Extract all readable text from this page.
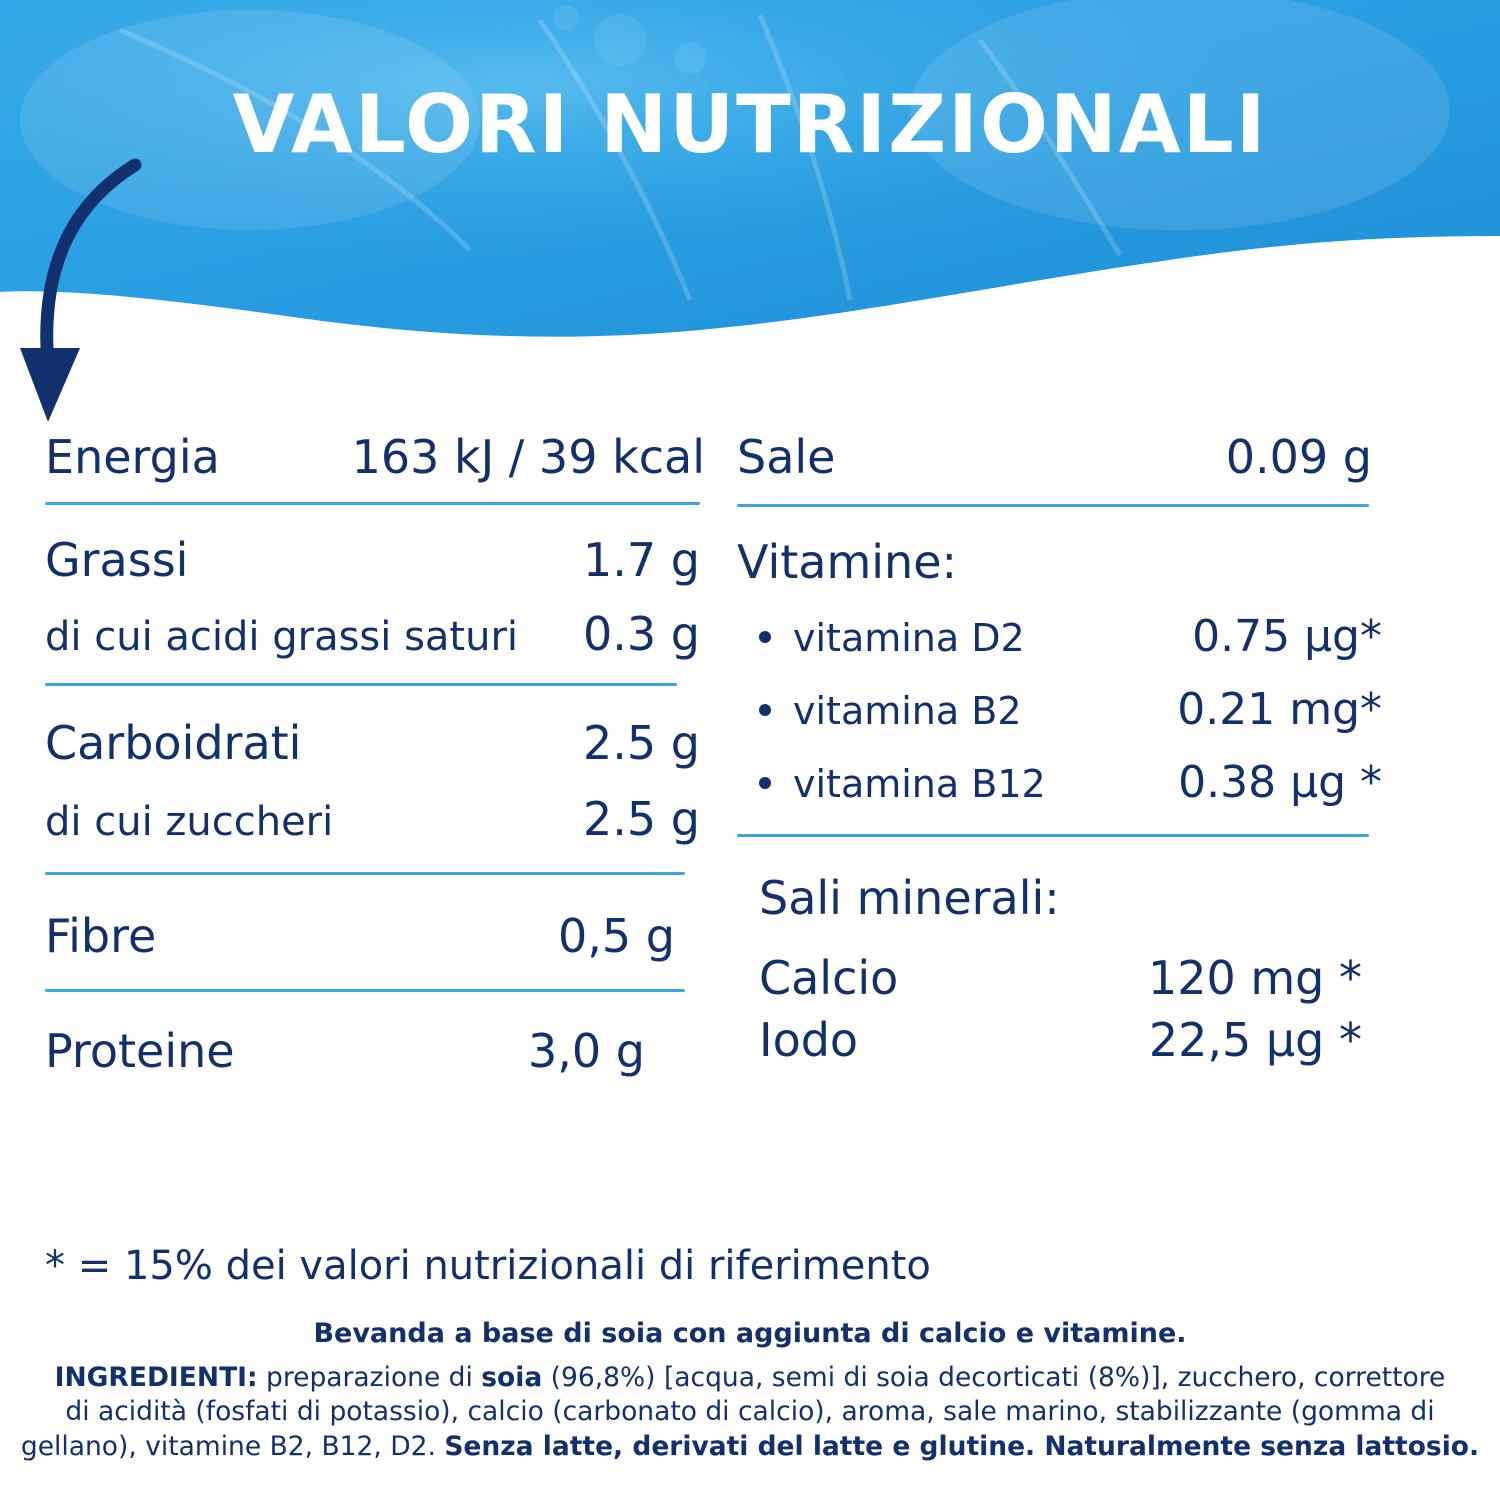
VALORI NUTRIZIONALI
Energia	163 kJ / 39 kcal
Grassi	1.7 g
di cui acidi grassi saturi 0.3 g
Carboidrati	2.5 g
di cui zuccheri	2.5 g
Fibre	0,5 g
Proteine	3,0 g
Sale	0.09 g
Vitamine:
vitamina D2	0.75 µg*
vitamina B2	0.21 mg*
vitamina B12	0.38 µg *
Sali minerali:
Calcio	120 mg *
Iodo	22,5 µg *
* = 15% dei valori nutrizionali di riferimento
Bevanda a base di soia con aggiunta di calcio e vitamine.
INGREDIENTI: preparazione di soia (96,8%) [acqua, semi di soia decorticati (8%)], zucchero, correttore
di acidità (fosfati di potassio), calcio (carbonato di calcio), aroma, sale marino, stabilizzante (gomma di
gellano), vitamine B2, B12, D2. Senza latte, derivati del latte e glutine. Naturalmente senza lattosio.
